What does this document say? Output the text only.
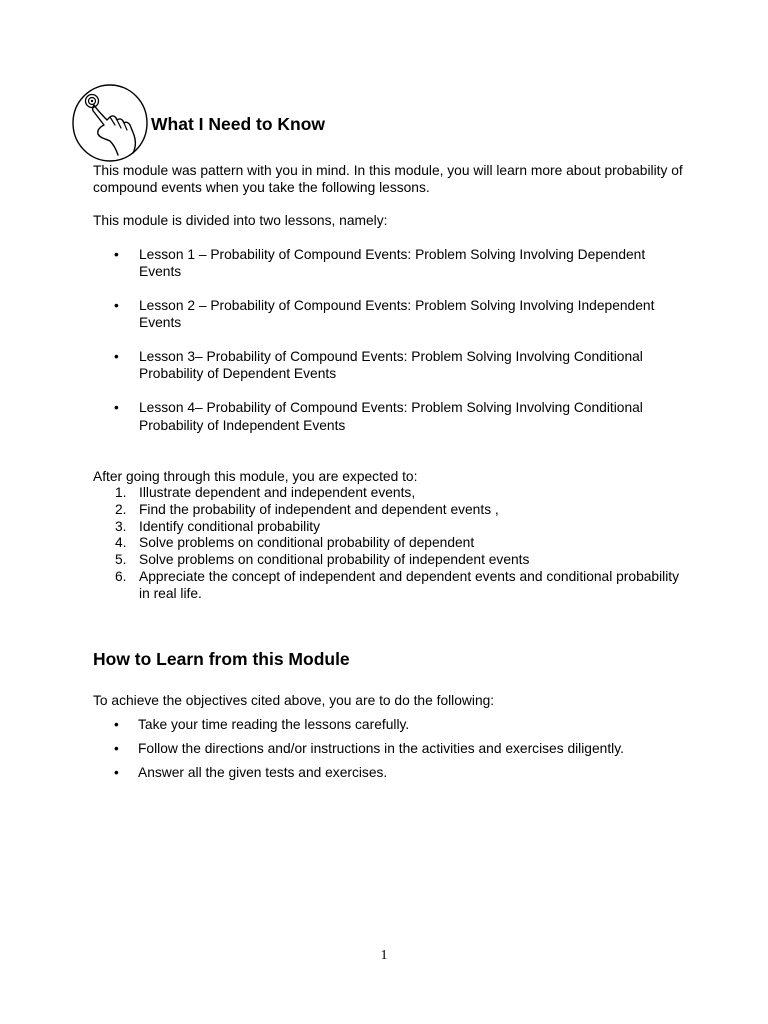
What I Need to Know

This module was pattern with you in mind. In this module, you will learn more about probability of compound events when you take the following lessons.

This module is divided into two lessons, namely:

• Lesson 1 – Probability of Compound Events: Problem Solving Involving Dependent Events
• Lesson 2 – Probability of Compound Events: Problem Solving Involving Independent Events
• Lesson 3– Probability of Compound Events: Problem Solving Involving Conditional Probability of Dependent Events
• Lesson 4– Probability of Compound Events: Problem Solving Involving Conditional Probability of Independent Events

After going through this module, you are expected to:

1. Illustrate dependent and independent events,
2. Find the probability of independent and dependent events ,
3. Identify conditional probability
4. Solve problems on conditional probability of dependent
5. Solve problems on conditional probability of independent events
6. Appreciate the concept of independent and dependent events and conditional probability in real life.
How to Learn from this Module

To achieve the objectives cited above, you are to do the following:

• Take your time reading the lessons carefully.
• Follow the directions and/or instructions in the activities and exercises diligently.
• Answer all the given tests and exercises.
1
